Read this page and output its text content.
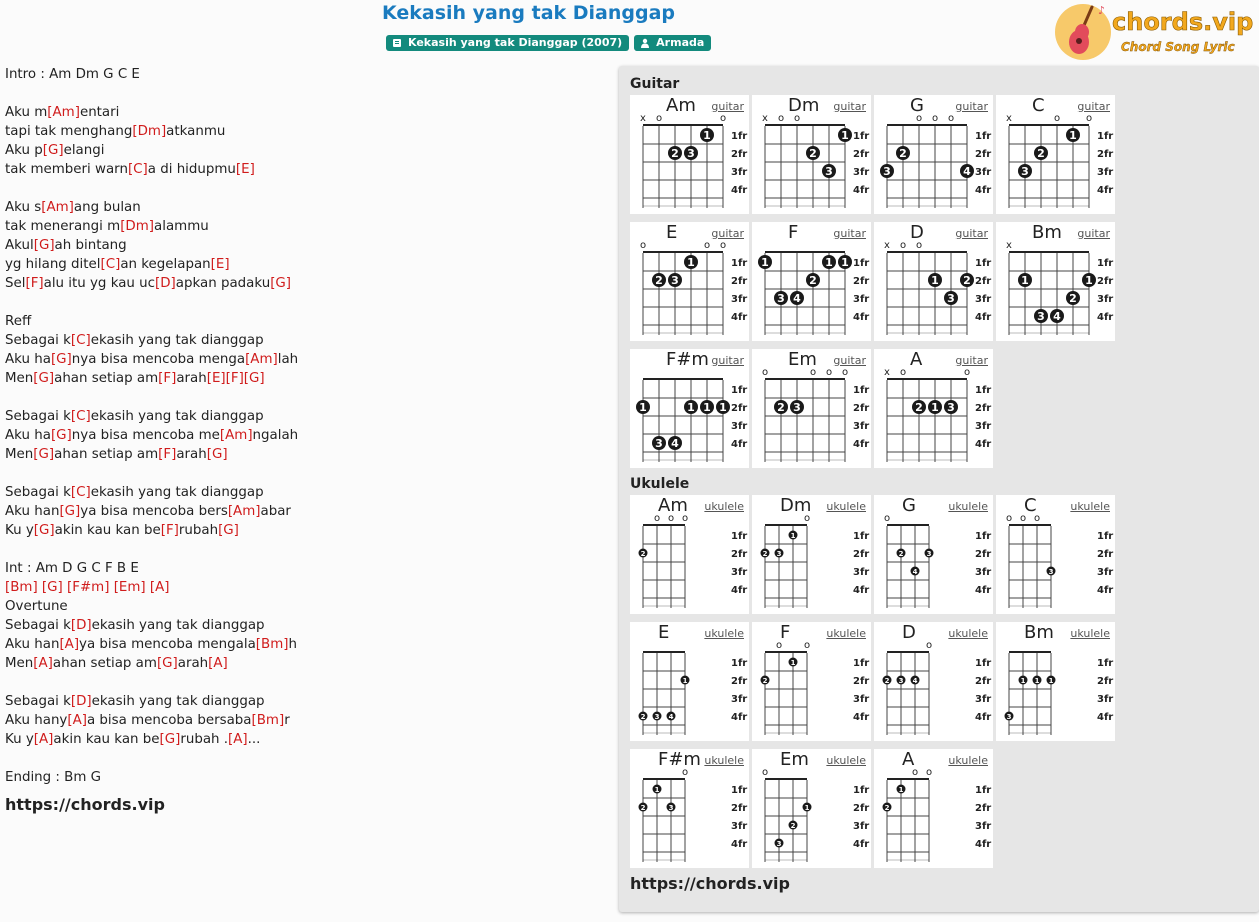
Kekasih yang tak Dianggap
Kekasih yang tak Dianggap (2007)	Armada
♪ chords.vip
Chord Song Lyric
Intro : Am Dm G C E
Aku m[Am]entari
tapi tak menghang[Dm]atkanmu
Aku p[G]elangi
tak memberi warn[C]a di hidupmu[E]
Aku s[Am]ang bulan
tak menerangi m[Dm]alammu
Akul[G]ah bintang
yg hilang ditel[C]an kegelapan[E]
Sel[F]alu itu yg kau uc[D]apkan padaku[G]
Reff
Sebagai k[C]ekasih yang tak dianggap
Aku ha[G]nya bisa mencoba menga[Am]lah
Men[G]ahan setiap am[F]arah[E][F][G]
Sebagai k[C]ekasih yang tak dianggap
Aku ha[G]nya bisa mencoba me[Am]ngalah
Men[G]ahan setiap am[F]arah[G]
Sebagai k[C]ekasih yang tak dianggap
Aku han[G]ya bisa mencoba bers[Am]abar
Ku y[G]akin kau kan be[F]rubah[G]
Int : Am D G C F B E
[Bm] [G] [F#m] [Em] [A]
Overtune
Sebagai k[D]ekasih yang tak dianggap
Aku han[A]ya bisa mencoba mengala[Bm]h
Men[A]ahan setiap am[G]arah[A]
Sebagai k[D]ekasih yang tak dianggap
Aku hany[A]a bisa mencoba bersaba[Bm]r
Ku y[A]akin kau kan be[G]rubah .[A]...
Ending : Bm G
https://chords.vip
Guitar
1fr
2fr
3fr
4fr
x o	o
1
2 3
Am guitar
1fr
2fr
3fr
4fr
x o o
1
2
3
Dm guitar
1fr
2fr
3fr
4fr
o o o
2
3	4
G	guitar
1fr
2fr
3fr
4fr
x	o	o
1
2
3
C	guitar
1fr
2fr
3fr
4fr
o	o o
1
2 3
E	guitar
1fr
2fr
3fr
4fr
1	1 1
2
3 4
F	guitar
1fr
2fr
3fr
4fr
x o o
1 2
3
D	guitar
1fr
2fr
3fr
4fr
x
1	1
2
3 4
Bm guitar
1fr
2fr
3fr
4fr
1	1 1 1
3 4
F#m guitar
1fr
2fr
3fr
4fr
o	o o o
2 3
Em guitar
1fr
2fr
3fr
4fr
x o	o
2 1 3
A	guitar
Ukulele
1fr
2fr
3fr
4fr
o o o
2
Am ukulele
1fr
2fr
3fr
4fr
o
1
2 3
Dm ukulele
1fr
2fr
3fr
4fr
o
2	3
4
G	ukulele
1fr
2fr
3fr
4fr
o o o
3
C	ukulele
1fr
2fr
3fr
4fr
1
2 3 4
E	ukulele
1fr
2fr
3fr
4fr
o o
1
2
F	ukulele
1fr
2fr
3fr
4fr
o
2 3 4
D	ukulele
1fr
2fr
3fr
4fr
1 1 1
3
Bm ukulele
1fr
2fr
3fr
4fr
o
1
2	3
F#m ukulele
1fr
2fr
3fr
4fr
o
1
2
3
Em ukulele
1fr
2fr
3fr
4fr
o o
1
2
A	ukulele
https://chords.vip
